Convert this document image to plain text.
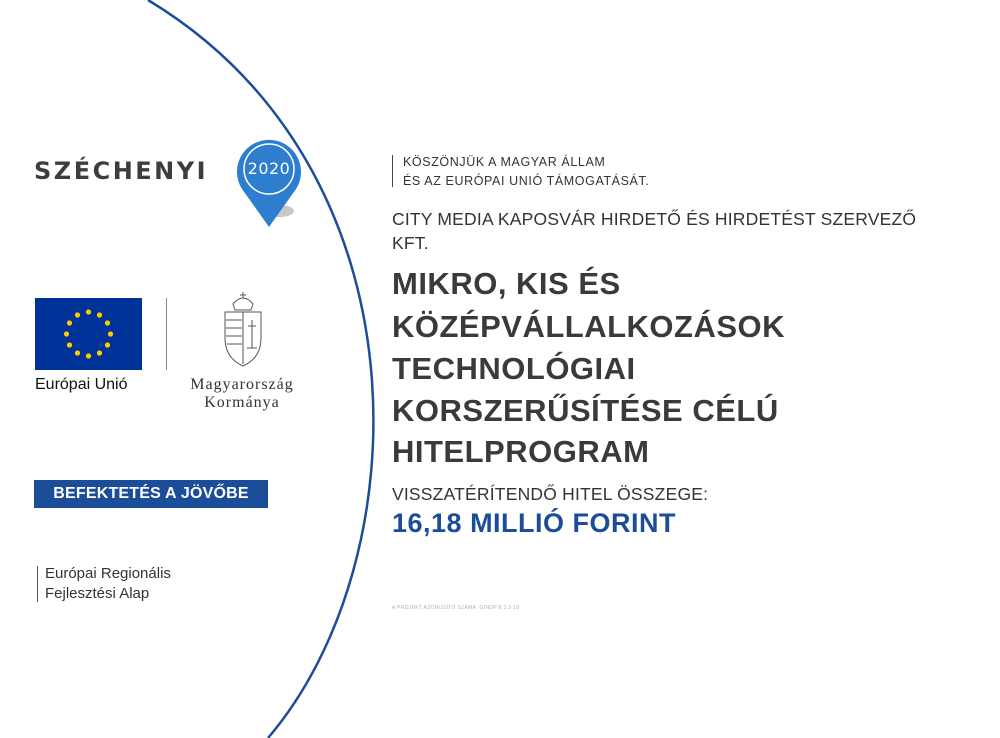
SZÉCHENYI	2020
Európai Unió	Magyarország
Kormánya
BEFEKTETÉS A JÖVŐBE
Európai Regionális
Fejlesztési Alap
KÖSZÖNJÜK A MAGYAR ÁLLAM
ÉS AZ EURÓPAI UNIÓ TÁMOGATÁSÁT.
CITY MEDIA KAPOSVÁR HIRDETŐ ÉS HIRDETÉST SZERVEZŐ
KFT.
MIKRO, KIS ÉS
KÖZÉPVÁLLALKOZÁSOK
TECHNOLÓGIAI
KORSZERŰSÍTÉSE CÉLÚ
HITELPROGRAM
VISSZATÉRÍTENDŐ HITEL ÖSSZEGE:
16,18 MILLIÓ FORINT
A PROJEKT AZONOSÍTÓ SZÁMA: GINOP 8.3.5-18
